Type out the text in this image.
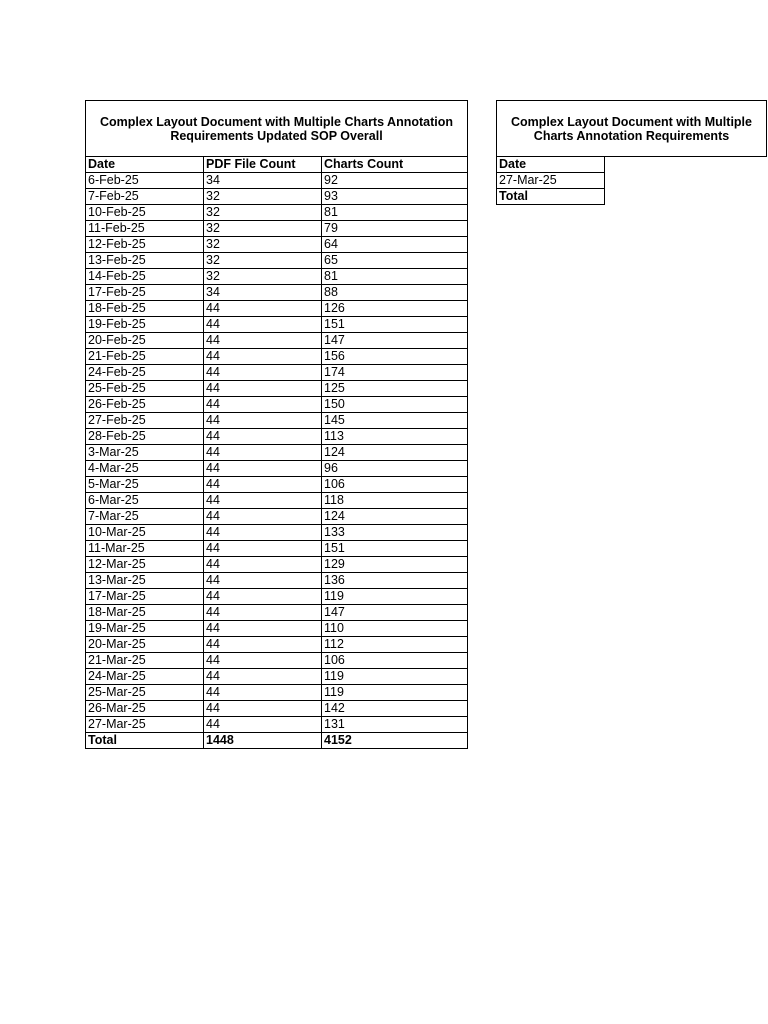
Complex Layout Document with Multiple Charts Annotation Requirements Updated SOP Overall		
Date	PDF File Count	Charts Count
6-Feb-25	34	92
7-Feb-25	32	93
10-Feb-25	32	81
11-Feb-25	32	79
12-Feb-25	32	64
13-Feb-25	32	65
14-Feb-25	32	81
17-Feb-25	34	88
18-Feb-25	44	126
19-Feb-25	44	151
20-Feb-25	44	147
21-Feb-25	44	156
24-Feb-25	44	174
25-Feb-25	44	125
26-Feb-25	44	150
27-Feb-25	44	145
28-Feb-25	44	113
3-Mar-25	44	124
4-Mar-25	44	96
5-Mar-25	44	106
6-Mar-25	44	118
7-Mar-25	44	124
10-Mar-25	44	133
11-Mar-25	44	151
12-Mar-25	44	129
13-Mar-25	44	136
17-Mar-25	44	119
18-Mar-25	44	147
19-Mar-25	44	110
20-Mar-25	44	112
21-Mar-25	44	106
24-Mar-25	44	119
25-Mar-25	44	119
26-Mar-25	44	142
27-Mar-25	44	131
Total	1448	4152
Complex Layout Document with Multiple Charts Annotation Requirements	
Date	
27-Mar-25	
Total	
